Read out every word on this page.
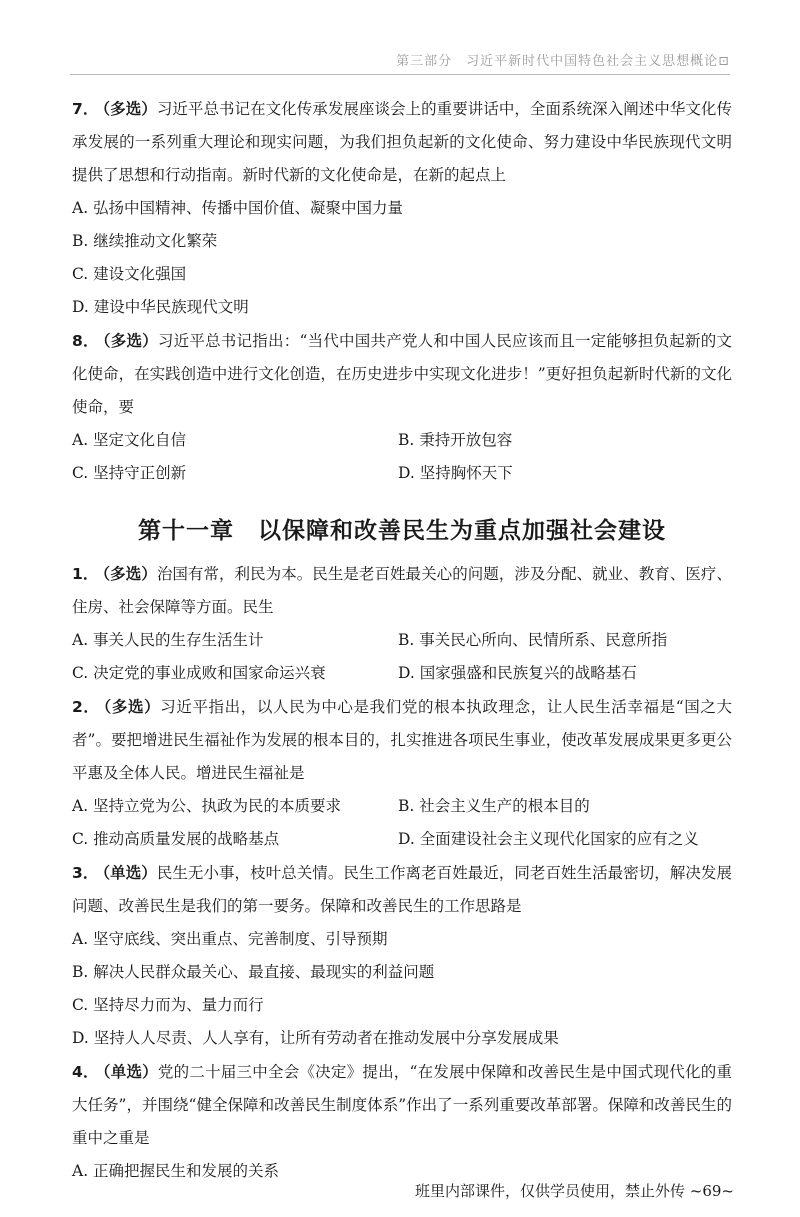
第三部分　习近平新时代中国特色社会主义思想概论⊡

7． （多选）习近平总书记在文化传承发展座谈会上的重要讲话中，全面系统深入阐述中华文化传承发展的一系列重大理论和现实问题，为我们担负起新的文化使命、努力建设中华民族现代文明提供了思想和行动指南。新时代新的文化使命是，在新的起点上

A. 弘扬中国精神、传播中国价值、凝聚中国力量

B. 继续推动文化繁荣

C. 建设文化强国

D. 建设中华民族现代文明

8． （多选）习近平总书记指出：“当代中国共产党人和中国人民应该而且一定能够担负起新的文化使命，在实践创造中进行文化创造，在历史进步中实现文化进步！”更好担负起新时代新的文化使命，要

A. 坚定文化自信	B. 秉持开放包容

C. 坚持守正创新	D. 坚持胸怀天下

第十一章　以保障和改善民生为重点加强社会建设

1． （多选）治国有常，利民为本。民生是老百姓最关心的问题，涉及分配、就业、教育、医疗、住房、社会保障等方面。民生

A. 事关人民的生存生活生计	B. 事关民心所向、民情所系、民意所指

C. 决定党的事业成败和国家命运兴衰	D. 国家强盛和民族复兴的战略基石

2． （多选）习近平指出，以人民为中心是我们党的根本执政理念，让人民生活幸福是“国之大者”。要把增进民生福祉作为发展的根本目的，扎实推进各项民生事业，使改革发展成果更多更公平惠及全体人民。增进民生福祉是

A. 坚持立党为公、执政为民的本质要求	B. 社会主义生产的根本目的

C. 推动高质量发展的战略基点	D. 全面建设社会主义现代化国家的应有之义

3． （单选）民生无小事，枝叶总关情。民生工作离老百姓最近，同老百姓生活最密切，解决发展问题、改善民生是我们的第一要务。保障和改善民生的工作思路是

A. 坚守底线、突出重点、完善制度、引导预期

B. 解决人民群众最关心、最直接、最现实的利益问题

C. 坚持尽力而为、量力而行

D. 坚持人人尽责、人人享有，让所有劳动者在推动发展中分享发展成果

4． （单选）党的二十届三中全会《决定》提出，“在发展中保障和改善民生是中国式现代化的重大任务”，并围绕“健全保障和改善民生制度体系”作出了一系列重要改革部署。保障和改善民生的重中之重是

A. 正确把握民生和发展的关系

班里内部课件，仅供学员使用，禁止外传 ~69~
